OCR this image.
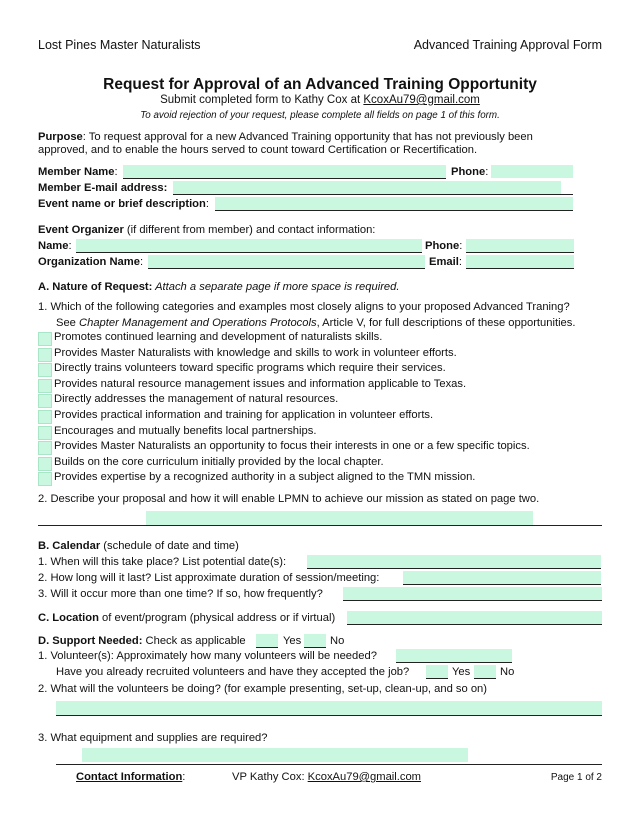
Lost Pines Master Naturalists	Advanced Training Approval Form
Request for Approval of an Advanced Training Opportunity
Submit completed form to Kathy Cox at KcoxAu79@gmail.com
To avoid rejection of your request, please complete all fields on page 1 of this form.
Purpose: To request approval for a new Advanced Training opportunity that has not previously been
approved, and to enable the hours served to count toward Certification or Recertification.
Member Name:	Phone:
Member E-mail address:
Event name or brief description:
Event Organizer (if different from member) and contact information:
Name:	Phone:
Organization Name:	Email:
A. Nature of Request: Attach a separate page if more space is required.
1. Which of the following categories and examples most closely aligns to your proposed Advanced Traning?
See Chapter Management and Operations Protocols, Article V, for full descriptions of these opportunities.
Promotes continued learning and development of naturalists skills.
Provides Master Naturalists with knowledge and skills to work in volunteer efforts.
Directly trains volunteers toward specific programs which require their services.
Provides natural resource management issues and information applicable to Texas.
Directly addresses the management of natural resources.
Provides practical information and training for application in volunteer efforts.
Encourages and mutually benefits local partnerships.
Provides Master Naturalists an opportunity to focus their interests in one or a few specific topics.
Builds on the core curriculum initially provided by the local chapter.
Provides expertise by a recognized authority in a subject aligned to the TMN mission.
2. Describe your proposal and how it will enable LPMN to achieve our mission as stated on page two.
B. Calendar (schedule of date and time)
1. When will this take place? List potential date(s):
2. How long will it last? List approximate duration of session/meeting:
3. Will it occur more than one time? If so, how frequently?
C. Location of event/program (physical address or if virtual)
D. Support Needed: Check as applicable	Yes	No
1. Volunteer(s): Approximately how many volunteers will be needed?
Have you already recruited volunteers and have they accepted the job?	Yes	No
2. What will the volunteers be doing? (for example presenting, set-up, clean-up, and so on)
3. What equipment and supplies are required?
Contact Information:	VP Kathy Cox: KcoxAu79@gmail.com	Page 1 of 2
